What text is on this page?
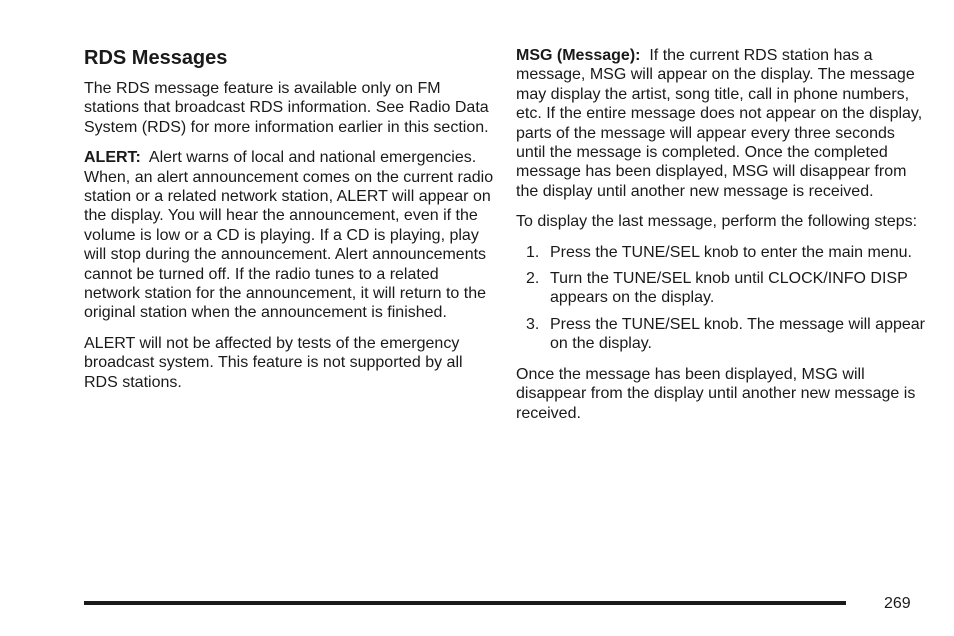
RDS Messages

The RDS message feature is available only on FM stations that broadcast RDS information. See Radio Data System (RDS) for more information earlier in this section.

ALERT: Alert warns of local and national emergencies. When, an alert announcement comes on the current radio station or a related network station, ALERT will appear on the display. You will hear the announcement, even if the volume is low or a CD is playing. If a CD is playing, play will stop during the announcement. Alert announcements cannot be turned off. If the radio tunes to a related network station for the announcement, it will return to the original station when the announcement is finished.

ALERT will not be affected by tests of the emergency broadcast system. This feature is not supported by all RDS stations.

MSG (Message): If the current RDS station has a message, MSG will appear on the display. The message may display the artist, song title, call in phone numbers, etc. If the entire message does not appear on the display, parts of the message will appear every three seconds until the message is completed. Once the completed message has been displayed, MSG will disappear from the display until another new message is received.

To display the last message, perform the following steps:

1. Press the TUNE/SEL knob to enter the main menu.
2. Turn the TUNE/SEL knob until CLOCK/INFO DISP appears on the display.
3. Press the TUNE/SEL knob. The message will appear on the display.

Once the message has been displayed, MSG will disappear from the display until another new message is received.

269
